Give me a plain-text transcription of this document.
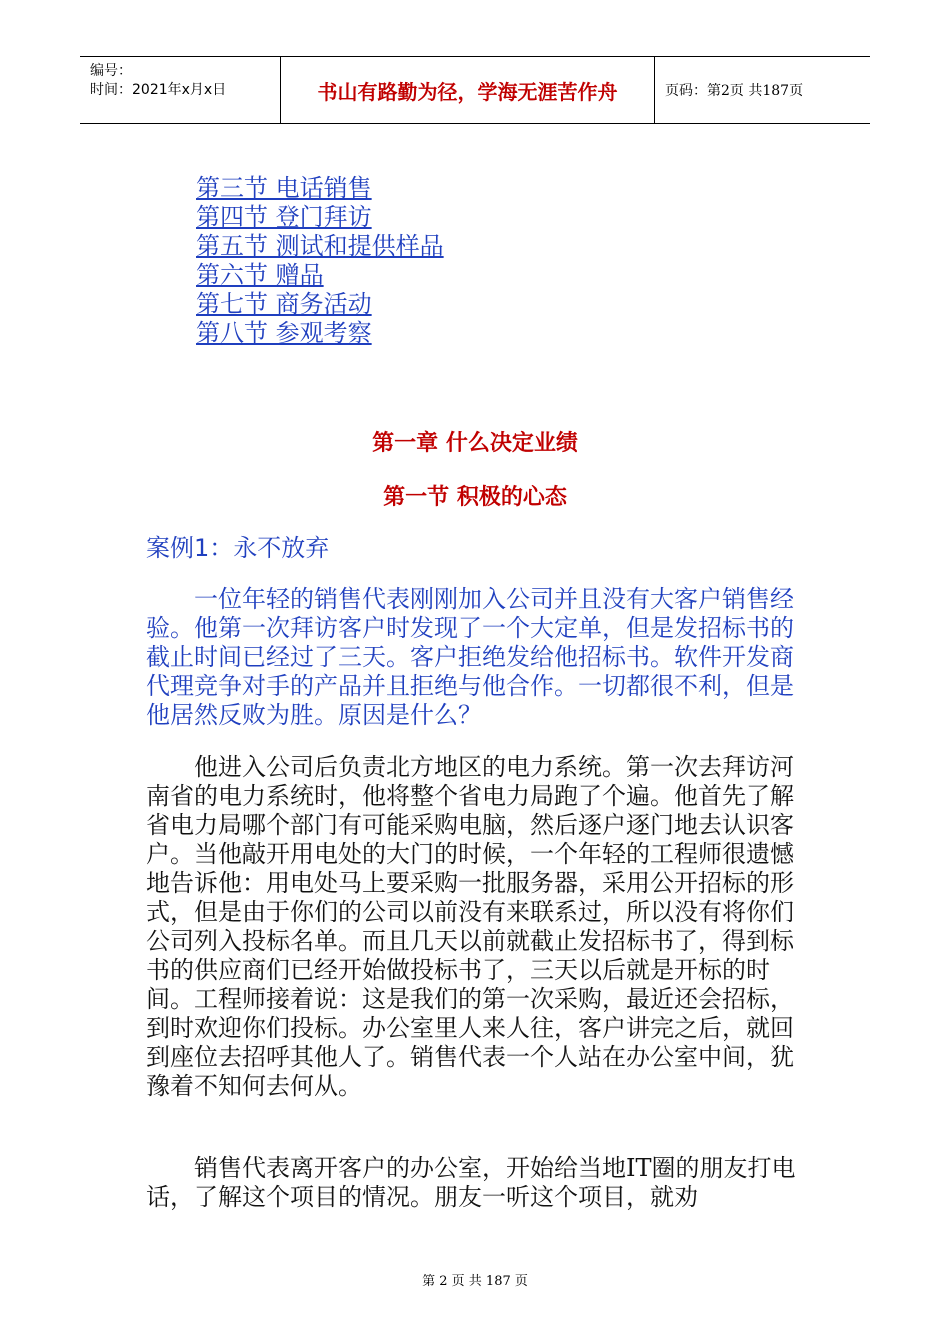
编号：
时间：2021年x月x日	书山有路勤为径，学海无涯苦作舟	页码：第2页 共187页
第三节 电话销售
第四节 登门拜访
第五节 测试和提供样品
第六节 赠品
第七节 商务活动
第八节 参观考察
第一章 什么决定业绩
第一节 积极的心态
案例1：永不放弃

一位年轻的销售代表刚刚加入公司并且没有大客户销售经验。他第一次拜访客户时发现了一个大定单，但是发招标书的截止时间已经过了三天。客户拒绝发给他招标书。软件开发商代理竞争对手的产品并且拒绝与他合作。一切都很不利，但是他居然反败为胜。原因是什么？

他进入公司后负责北方地区的电力系统。第一次去拜访河南省的电力系统时，他将整个省电力局跑了个遍。他首先了解省电力局哪个部门有可能采购电脑，然后逐户逐门地去认识客户。当他敲开用电处的大门的时候，一个年轻的工程师很遗憾地告诉他：用电处马上要采购一批服务器，采用公开招标的形式，但是由于你们的公司以前没有来联系过，所以没有将你们公司列入投标名单。而且几天以前就截止发招标书了，得到标书的供应商们已经开始做投标书了，三天以后就是开标的时间。工程师接着说：这是我们的第一次采购，最近还会招标，到时欢迎你们投标。办公室里人来人往，客户讲完之后，就回到座位去招呼其他人了。销售代表一个人站在办公室中间，犹豫着不知何去何从。

销售代表离开客户的办公室，开始给当地IT圈的朋友打电话，了解这个项目的情况。朋友一听这个项目，就劝

第 2 页 共 187 页
